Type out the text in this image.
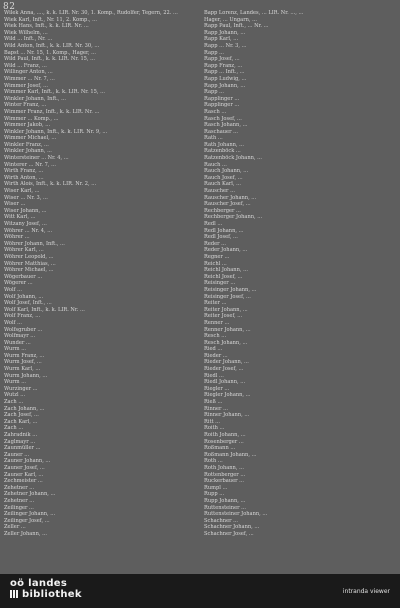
82
Wilek Anna, ...., k. k. LIR. Nr. 30, 1. Komp., Rudolfer, Tegern, 22. ...
Wiek Karl, Inft., Nr. 11, 2. Komp., ...
Wiek Hans, Inft., k. k. LIR. Nr. ...
Wiek Wilhelm, ...
Wild ... Inft., Nr. ...
Wild Anton, Inft., k. k. LIR. Nr. 30, ...
Bapst ... Nr. 15, 1. Komp., Hager, ...
Wild Paul, Inft., k. k. LIR. Nr. 15, ...
Wild ... Franz, ...
Willinger Anton, ...
Wimmer ... Nr. 7, ...
Wimmer Josef, ...
Wimmer Karl, Inft., k. k. LIR. Nr. 15, ...
Winkler Johann, Inft., ...
Winter Franz, ...
Wimmer Franz, Inft., k. k. LIR. Nr. ...
Wimmer ... Komp., ...
Wimmer Jakob, ...
Winkler Johann, Inft., k. k. LIR. Nr. 9, ...
Wimmer Michael, ...
Winkler Franz, ...
Winkler Johann, ...
Wintersteiner ... Nr. 4, ...
Winterer ... Nr. 7, ...
Wirth Franz, ...
Wirth Anton, ...
Wirth Alois, Inft., k. k. LIR. Nr. 2, ...
Wiser Karl, ...
Wiser ... Nr. 3, ...
Wiser ...
Wiser Johann, ...
Witt Karl, ...
Witzany Josef, ...
Wöhrer ... Nr. 4, ...
Wöhrer ...
Wöhrer Johann, Inft., ...
Wöhrer Karl, ...
Wöhrer Leopold, ...
Wöhrer Matthias, ...
Wöhrer Michael, ...
Wögerbauer ...
Wögerer ...
Wolf ...
Wolf Johann, ...
Wolf Josef, Inft., ...
Wolf Karl, Inft., k. k. LIR. Nr. ...
Wolf Franz, ...
Wolf ...
Wolfsgruber ...
Wolfmayr ...
Wunder ...
Wurm ...
Wurm Franz, ...
Wurm Josef, ...
Wurm Karl, ...
Wurm Johann, ...
Wurm ...
Wurzinger ...
Wutzl ...
Zach ...
Zach Johann, ...
Zach Josef, ...
Zach Karl, ...
Zach ...
Zahradnik ...
Zaglmayr ...
Zaunmüller ...
Zauner ...
Zauner Johann, ...
Zauner Josef, ...
Zauner Karl, ...
Zechmeister ...
Zehetner ...
Zehetner Johann, ...
Zehetner ...
Zeilinger ...
Zeilinger Johann, ...
Zeilinger Josef, ...
Zeller ...
Zeller Johann, ...
Bapp Lorenz, Landes, ... LIR. Nr. ..., ...
Hager, ... Ungarn, ...
Rapp Paul, Inft., ... Nr. ...
Rapp Johann, ...
Rapp Karl, ...
Rapp ... Nr. 3, ...
Rapp ...
Rapp Josef, ...
Rapp Franz, ...
Rapp ... Inft., ...
Rapp Ludwig, ...
Rapp Johann, ...
Rapp ...
Rapplinger ...
Rapplinger ...
Rasch ...
Rasch Josef, ...
Rasch Johann, ...
Raschauer ...
Rath ...
Rath Johann, ...
Ratzenböck ...
Ratzenböck Johann, ...
Rauch ...
Rauch Johann, ...
Rauch Josef, ...
Rauch Karl, ...
Rauscher ...
Rauscher Johann, ...
Rauscher Josef, ...
Rechberger ...
Rechberger Johann, ...
Redl ...
Redl Johann, ...
Redl Josef, ...
Reder ...
Reder Johann, ...
Regner ...
Reichl ...
Reichl Johann, ...
Reichl Josef, ...
Reisinger ...
Reisinger Johann, ...
Reisinger Josef, ...
Reiter ...
Reiter Johann, ...
Reiter Josef, ...
Renner ...
Renner Johann, ...
Resch ...
Resch Johann, ...
Ried ...
Rieder ...
Rieder Johann, ...
Rieder Josef, ...
Riedl ...
Riedl Johann, ...
Riegler ...
Riegler Johann, ...
Rieß ...
Rinner ...
Rinner Johann, ...
Ritt ...
Roith ...
Roith Johann, ...
Rosenberger ...
Roßmann ...
Roßmann Johann, ...
Roth ...
Roth Johann, ...
Rottenberger ...
Ruckerbauer ...
Rumpl ...
Rupp ...
Rupp Johann, ...
Ruttensteiner ...
Ruttensteiner Johann, ...
Schachner ...
Schachner Johann, ...
Schachner Josef, ...
oö landes
bibliothek	intranda viewer
